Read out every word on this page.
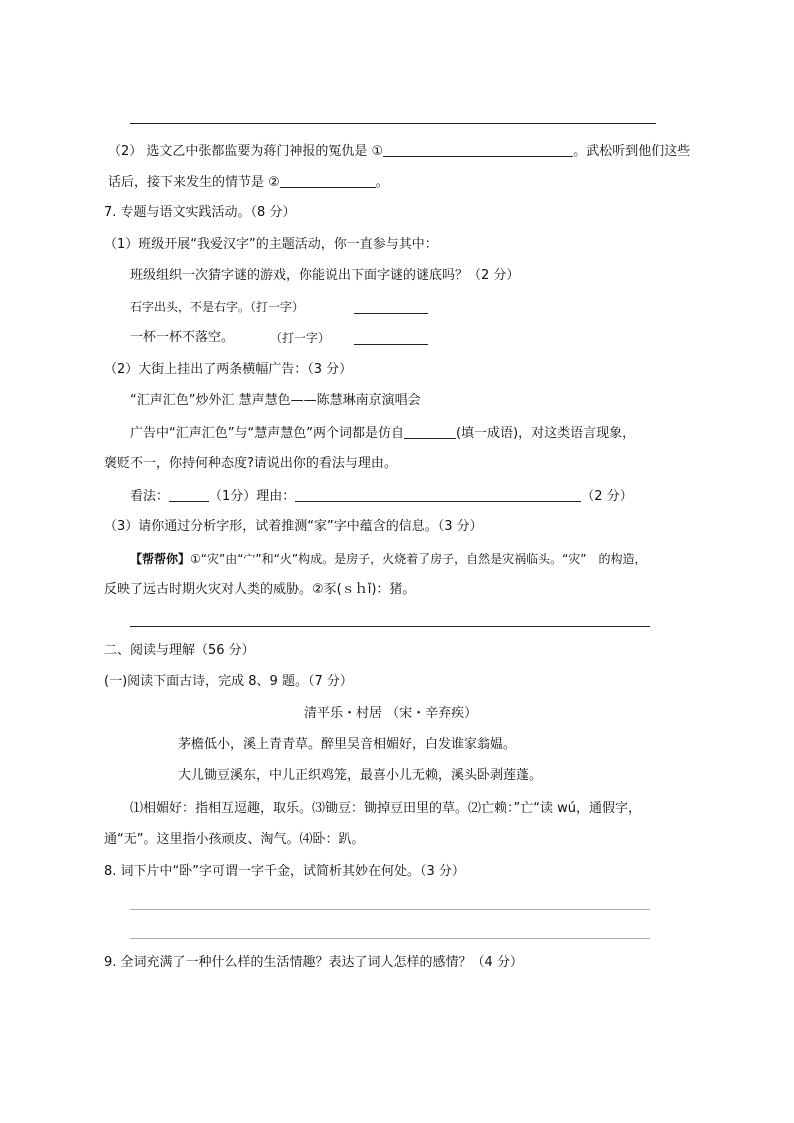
（2） 选文乙中张都监要为蒋门神报的冤仇是 ①	。武松听到他们这些
话后，接下来发生的情节是 ②	。
7. 专题与语文实践活动。（8 分）
（1）班级开展“我爱汉字”的主题活动，你一直参与其中：
班级组织一次猜字谜的游戏，你能说出下面字谜的谜底吗？（2 分）
石字出头，不是右字。（打一字）
一杯一杯不落空。	（打一字）
（2）大街上挂出了两条横幅广告：（3 分）
“汇声汇色”炒外汇 慧声慧色——陈慧琳南京演唱会
广告中“汇声汇色”与“慧声慧色”两个词都是仿自	(填一成语)，对这类语言现象，
褒贬不一，你持何种态度?请说出你的看法与理由。
看法：	（1分）理由：	（2 分）
（3）请你通过分析字形，试着推测“家”字中蕴含的信息。（3 分）
【帮帮你】①“灾”由“宀”和“火”构成。是房子，火烧着了房子，自然是灾祸临头。“灾”　的构造，
反映了远古时期火灾对人类的威胁。②豕(ｓｈǐ)：猪。
二、阅读与理解（56 分）
(一)阅读下面古诗，完成 8、9 题。（7 分）
清平乐・村居 （宋・辛弃疾）
茅檐低小，溪上青青草。醉里吴音相媚好，白发谁家翁媪。
大儿锄豆溪东，中儿正织鸡笼，最喜小儿无赖，溪头卧剥莲蓬。
⑴相媚好：指相互逗趣，取乐。⑶锄豆：锄掉豆田里的草。⑵亡赖：”亡“读 wú，通假字，
通“无”。这里指小孩顽皮、淘气。⑷卧：趴。
8. 词下片中“卧”字可谓一字千金，试简析其妙在何处。（3 分）
9. 全词充满了一种什么样的生活情趣？表达了词人怎样的感情？（4 分）
